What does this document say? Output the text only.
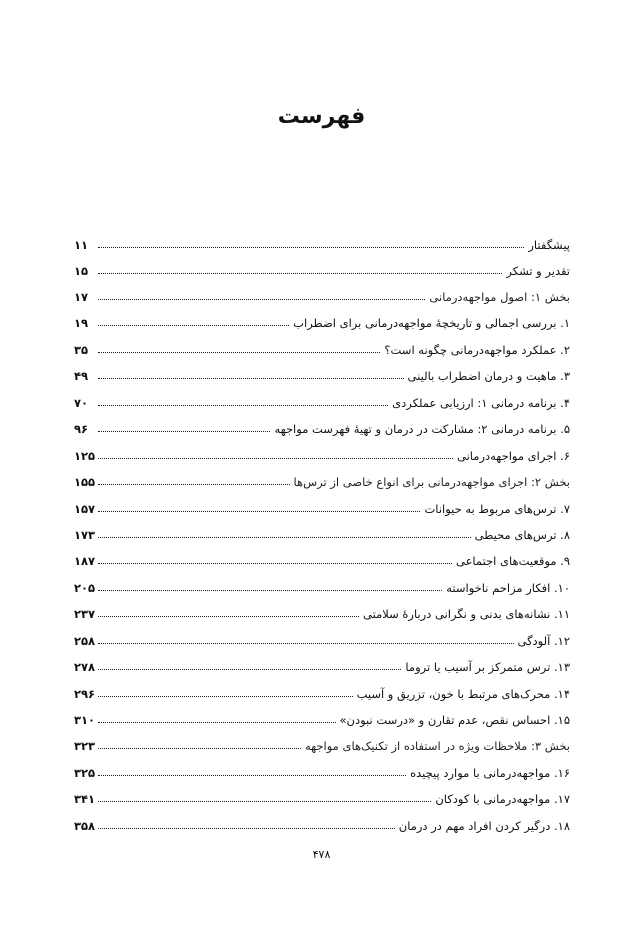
فهرست
پیشگفتار
۱۱
تقدیر و تشکر
۱۵
بخش ۱: اصول مواجهه‌درمانی
۱۷
۱. بررسی اجمالی و تاریخچهٔ مواجهه‌درمانی برای اضطراب
۱۹
۲. عملکرد مواجهه‌درمانی چگونه است؟
۳۵
۳. ماهیت و درمان اضطراب بالینی
۴۹
۴. برنامه درمانی ۱: ارزیابی عملکردی
۷۰
۵. برنامه درمانی ۲: مشارکت در درمان و تهیهٔ فهرست مواجهه
۹۶
۶. اجرای مواجهه‌درمانی
۱۲۵
بخش ۲: اجرای مواجهه‌درمانی برای انواع خاصی از ترس‌ها
۱۵۵
۷. ترس‌های مربوط به حیوانات
۱۵۷
۸. ترس‌های محیطی
۱۷۳
۹. موقعیت‌های اجتماعی
۱۸۷
۱۰. افکار مزاحم ناخواسته
۲۰۵
۱۱. نشانه‌های بدنی و نگرانی دربارهٔ سلامتی
۲۳۷
۱۲. آلودگی
۲۵۸
۱۳. ترس متمرکز بر آسیب یا تروما
۲۷۸
۱۴. محرک‌های مرتبط با خون، تزریق و آسیب
۲۹۶
۱۵. احساس نقص، عدم تقارن و «درست نبودن»
۳۱۰
بخش ۳: ملاحظات ویژه در استفاده از تکنیک‌های مواجهه
۳۲۳
۱۶. مواجهه‌درمانی با موارد پیچیده
۳۲۵
۱۷. مواجهه‌درمانی با کودکان
۳۴۱
۱۸. درگیر کردن افراد مهم در درمان
۳۵۸
۴۷۸
